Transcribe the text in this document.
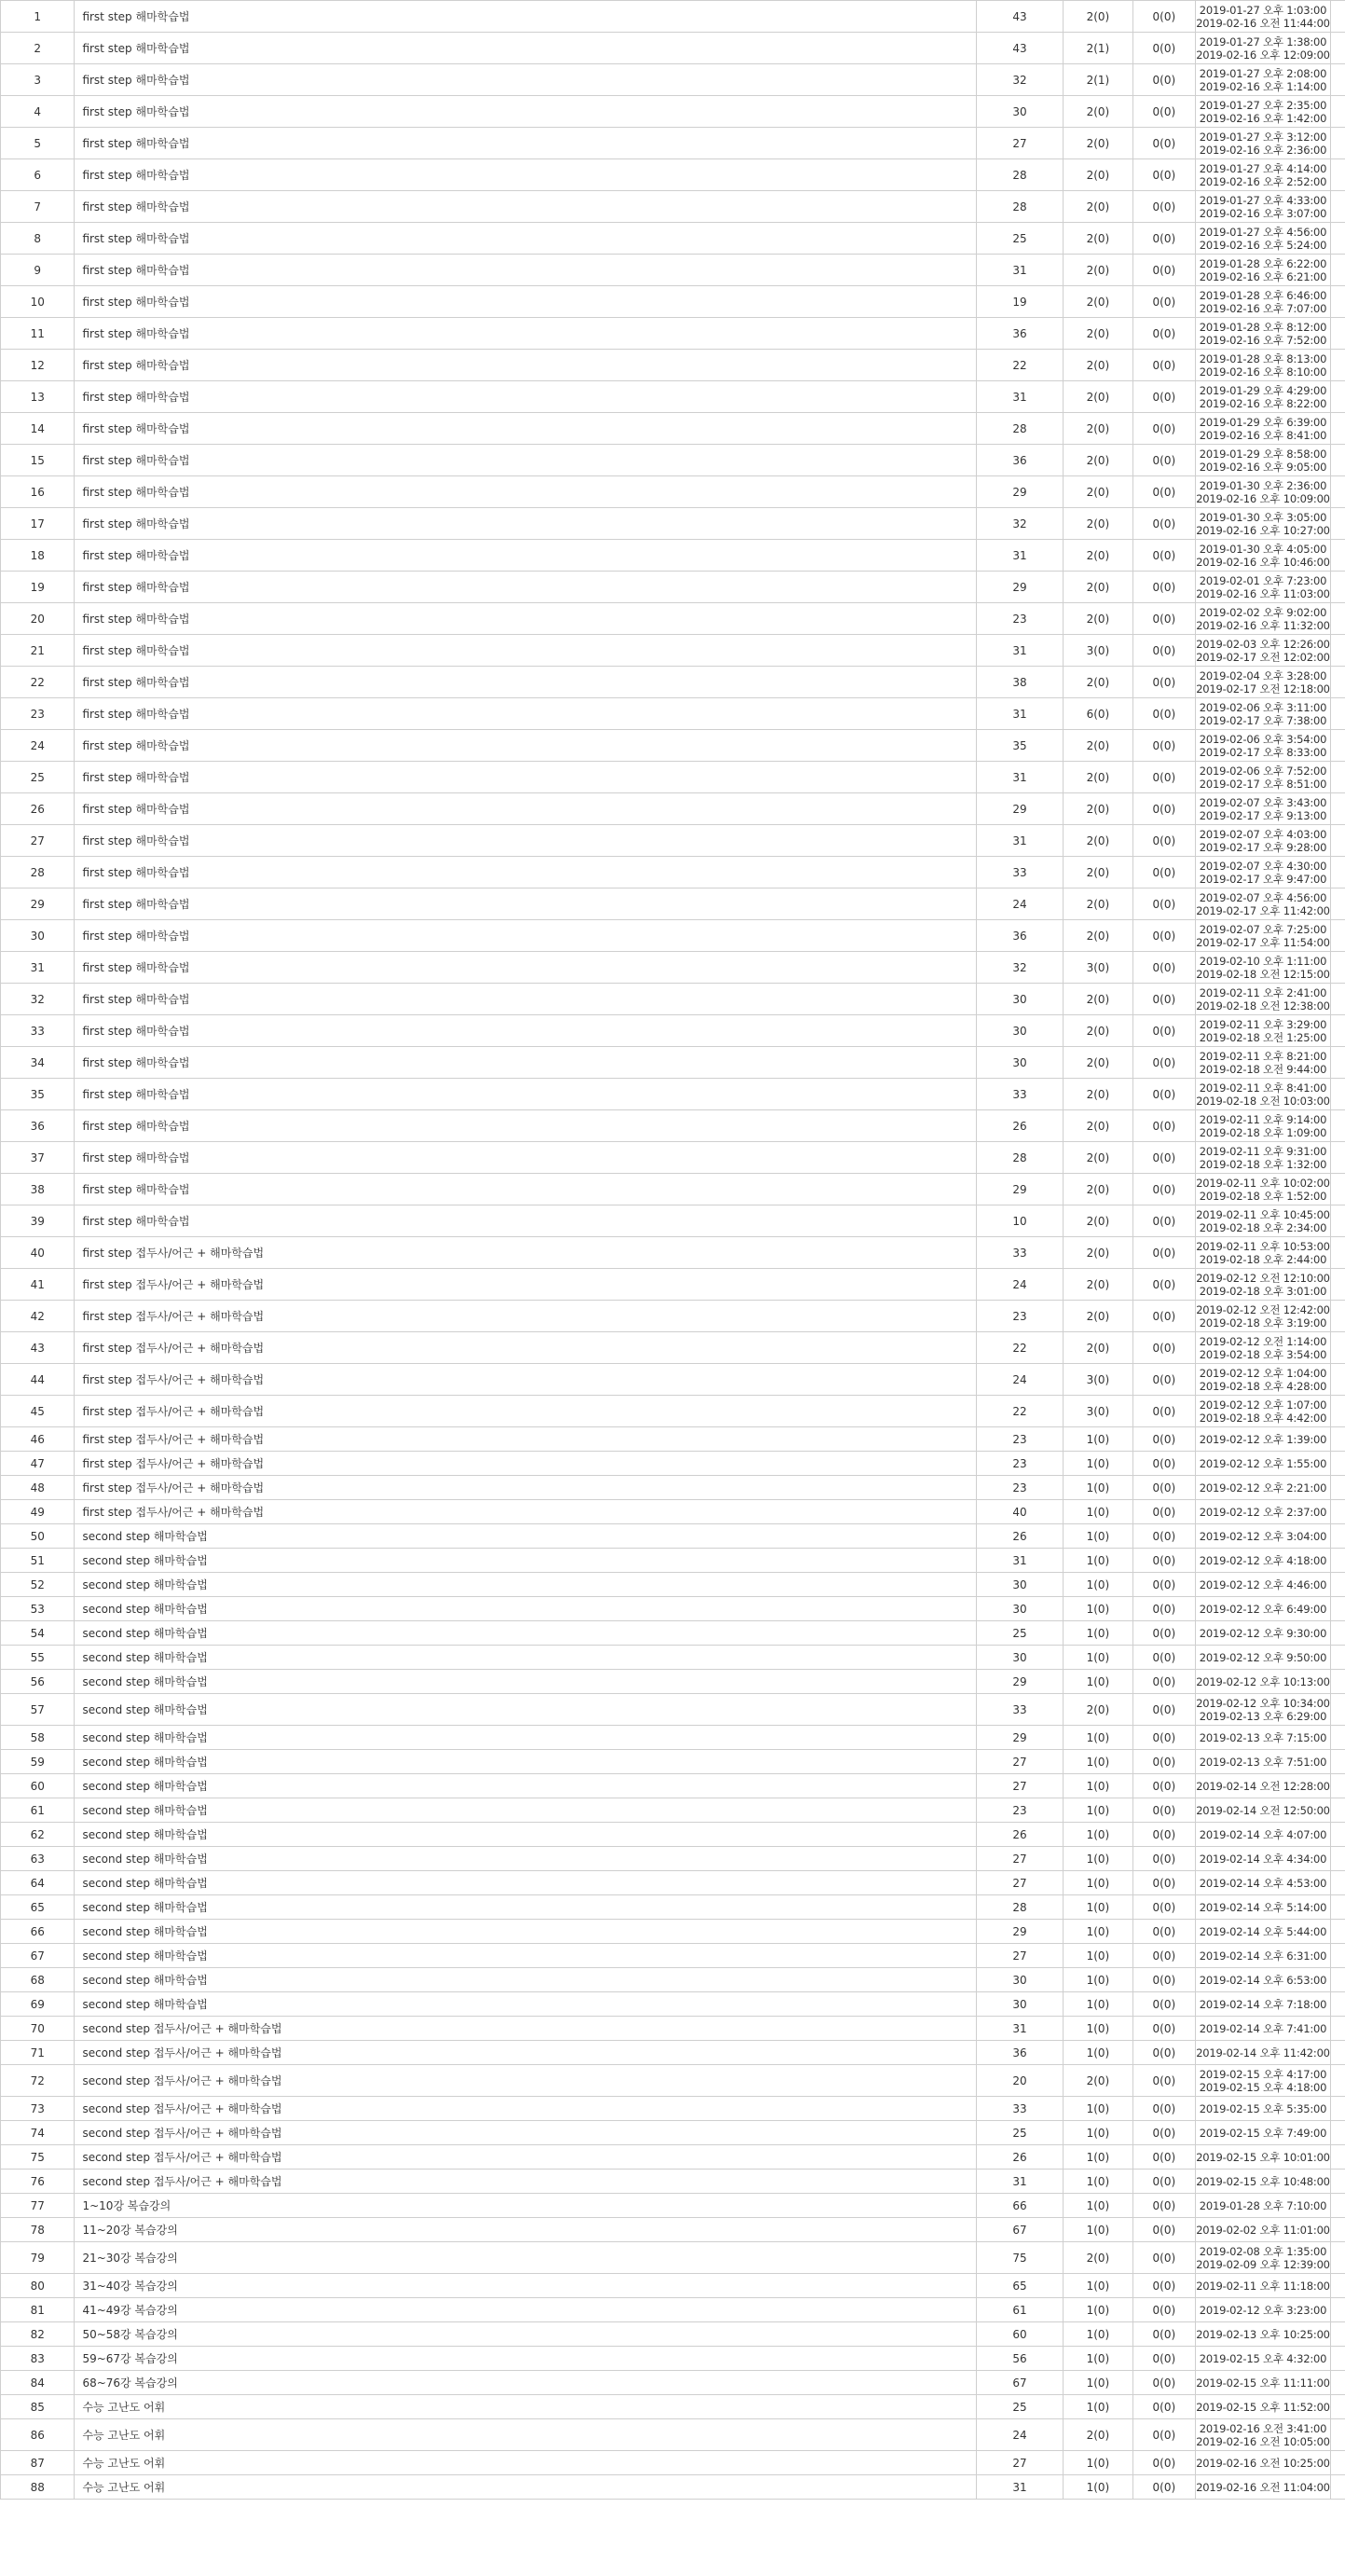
1	first step 해마학습법	43	2(0)	0(0)	2019-01-27 오후 1:03:00
2019-02-16 오전 11:44:00	

2	first step 해마학습법	43	2(1)	0(0)	2019-01-27 오후 1:38:00
2019-02-16 오후 12:09:00	

3	first step 해마학습법	32	2(1)	0(0)	2019-01-27 오후 2:08:00
2019-02-16 오후 1:14:00	

4	first step 해마학습법	30	2(0)	0(0)	2019-01-27 오후 2:35:00
2019-02-16 오후 1:42:00	

5	first step 해마학습법	27	2(0)	0(0)	2019-01-27 오후 3:12:00
2019-02-16 오후 2:36:00	

6	first step 해마학습법	28	2(0)	0(0)	2019-01-27 오후 4:14:00
2019-02-16 오후 2:52:00	

7	first step 해마학습법	28	2(0)	0(0)	2019-01-27 오후 4:33:00
2019-02-16 오후 3:07:00	

8	first step 해마학습법	25	2(0)	0(0)	2019-01-27 오후 4:56:00
2019-02-16 오후 5:24:00	

9	first step 해마학습법	31	2(0)	0(0)	2019-01-28 오후 6:22:00
2019-02-16 오후 6:21:00	

10	first step 해마학습법	19	2(0)	0(0)	2019-01-28 오후 6:46:00
2019-02-16 오후 7:07:00	

11	first step 해마학습법	36	2(0)	0(0)	2019-01-28 오후 8:12:00
2019-02-16 오후 7:52:00	

12	first step 해마학습법	22	2(0)	0(0)	2019-01-28 오후 8:13:00
2019-02-16 오후 8:10:00	

13	first step 해마학습법	31	2(0)	0(0)	2019-01-29 오후 4:29:00
2019-02-16 오후 8:22:00	

14	first step 해마학습법	28	2(0)	0(0)	2019-01-29 오후 6:39:00
2019-02-16 오후 8:41:00	

15	first step 해마학습법	36	2(0)	0(0)	2019-01-29 오후 8:58:00
2019-02-16 오후 9:05:00	

16	first step 해마학습법	29	2(0)	0(0)	2019-01-30 오후 2:36:00
2019-02-16 오후 10:09:00	

17	first step 해마학습법	32	2(0)	0(0)	2019-01-30 오후 3:05:00
2019-02-16 오후 10:27:00	

18	first step 해마학습법	31	2(0)	0(0)	2019-01-30 오후 4:05:00
2019-02-16 오후 10:46:00	

19	first step 해마학습법	29	2(0)	0(0)	2019-02-01 오후 7:23:00
2019-02-16 오후 11:03:00	

20	first step 해마학습법	23	2(0)	0(0)	2019-02-02 오후 9:02:00
2019-02-16 오후 11:32:00	

21	first step 해마학습법	31	3(0)	0(0)	2019-02-03 오후 12:26:00
2019-02-17 오전 12:02:00	

22	first step 해마학습법	38	2(0)	0(0)	2019-02-04 오후 3:28:00
2019-02-17 오전 12:18:00	

23	first step 해마학습법	31	6(0)	0(0)	2019-02-06 오후 3:11:00
2019-02-17 오후 7:38:00	

24	first step 해마학습법	35	2(0)	0(0)	2019-02-06 오후 3:54:00
2019-02-17 오후 8:33:00	

25	first step 해마학습법	31	2(0)	0(0)	2019-02-06 오후 7:52:00
2019-02-17 오후 8:51:00	

26	first step 해마학습법	29	2(0)	0(0)	2019-02-07 오후 3:43:00
2019-02-17 오후 9:13:00	

27	first step 해마학습법	31	2(0)	0(0)	2019-02-07 오후 4:03:00
2019-02-17 오후 9:28:00	

28	first step 해마학습법	33	2(0)	0(0)	2019-02-07 오후 4:30:00
2019-02-17 오후 9:47:00	

29	first step 해마학습법	24	2(0)	0(0)	2019-02-07 오후 4:56:00
2019-02-17 오후 11:42:00	

30	first step 해마학습법	36	2(0)	0(0)	2019-02-07 오후 7:25:00
2019-02-17 오후 11:54:00	

31	first step 해마학습법	32	3(0)	0(0)	2019-02-10 오후 1:11:00
2019-02-18 오전 12:15:00	

32	first step 해마학습법	30	2(0)	0(0)	2019-02-11 오후 2:41:00
2019-02-18 오전 12:38:00	

33	first step 해마학습법	30	2(0)	0(0)	2019-02-11 오후 3:29:00
2019-02-18 오전 1:25:00	

34	first step 해마학습법	30	2(0)	0(0)	2019-02-11 오후 8:21:00
2019-02-18 오전 9:44:00	

35	first step 해마학습법	33	2(0)	0(0)	2019-02-11 오후 8:41:00
2019-02-18 오전 10:03:00	

36	first step 해마학습법	26	2(0)	0(0)	2019-02-11 오후 9:14:00
2019-02-18 오후 1:09:00	

37	first step 해마학습법	28	2(0)	0(0)	2019-02-11 오후 9:31:00
2019-02-18 오후 1:32:00	

38	first step 해마학습법	29	2(0)	0(0)	2019-02-11 오후 10:02:00
2019-02-18 오후 1:52:00	

39	first step 해마학습법	10	2(0)	0(0)	2019-02-11 오후 10:45:00
2019-02-18 오후 2:34:00	

40	first step 접두사/어근 + 해마학습법	33	2(0)	0(0)	2019-02-11 오후 10:53:00
2019-02-18 오후 2:44:00	

41	first step 접두사/어근 + 해마학습법	24	2(0)	0(0)	2019-02-12 오전 12:10:00
2019-02-18 오후 3:01:00	

42	first step 접두사/어근 + 해마학습법	23	2(0)	0(0)	2019-02-12 오전 12:42:00
2019-02-18 오후 3:19:00	

43	first step 접두사/어근 + 해마학습법	22	2(0)	0(0)	2019-02-12 오전 1:14:00
2019-02-18 오후 3:54:00	

44	first step 접두사/어근 + 해마학습법	24	3(0)	0(0)	2019-02-12 오후 1:04:00
2019-02-18 오후 4:28:00	

45	first step 접두사/어근 + 해마학습법	22	3(0)	0(0)	2019-02-12 오후 1:07:00
2019-02-18 오후 4:42:00	

46	first step 접두사/어근 + 해마학습법	23	1(0)	0(0)	2019-02-12 오후 1:39:00	

47	first step 접두사/어근 + 해마학습법	23	1(0)	0(0)	2019-02-12 오후 1:55:00	

48	first step 접두사/어근 + 해마학습법	23	1(0)	0(0)	2019-02-12 오후 2:21:00	

49	first step 접두사/어근 + 해마학습법	40	1(0)	0(0)	2019-02-12 오후 2:37:00	

50	second step 해마학습법	26	1(0)	0(0)	2019-02-12 오후 3:04:00	

51	second step 해마학습법	31	1(0)	0(0)	2019-02-12 오후 4:18:00	

52	second step 해마학습법	30	1(0)	0(0)	2019-02-12 오후 4:46:00	

53	second step 해마학습법	30	1(0)	0(0)	2019-02-12 오후 6:49:00	

54	second step 해마학습법	25	1(0)	0(0)	2019-02-12 오후 9:30:00	

55	second step 해마학습법	30	1(0)	0(0)	2019-02-12 오후 9:50:00	

56	second step 해마학습법	29	1(0)	0(0)	2019-02-12 오후 10:13:00	

57	second step 해마학습법	33	2(0)	0(0)	2019-02-12 오후 10:34:00
2019-02-13 오후 6:29:00	

58	second step 해마학습법	29	1(0)	0(0)	2019-02-13 오후 7:15:00	

59	second step 해마학습법	27	1(0)	0(0)	2019-02-13 오후 7:51:00	

60	second step 해마학습법	27	1(0)	0(0)	2019-02-14 오전 12:28:00	

61	second step 해마학습법	23	1(0)	0(0)	2019-02-14 오전 12:50:00	

62	second step 해마학습법	26	1(0)	0(0)	2019-02-14 오후 4:07:00	

63	second step 해마학습법	27	1(0)	0(0)	2019-02-14 오후 4:34:00	

64	second step 해마학습법	27	1(0)	0(0)	2019-02-14 오후 4:53:00	

65	second step 해마학습법	28	1(0)	0(0)	2019-02-14 오후 5:14:00	

66	second step 해마학습법	29	1(0)	0(0)	2019-02-14 오후 5:44:00	

67	second step 해마학습법	27	1(0)	0(0)	2019-02-14 오후 6:31:00	

68	second step 해마학습법	30	1(0)	0(0)	2019-02-14 오후 6:53:00	

69	second step 해마학습법	30	1(0)	0(0)	2019-02-14 오후 7:18:00	

70	second step 접두사/어근 + 해마학습법	31	1(0)	0(0)	2019-02-14 오후 7:41:00	

71	second step 접두사/어근 + 해마학습법	36	1(0)	0(0)	2019-02-14 오후 11:42:00	

72	second step 접두사/어근 + 해마학습법	20	2(0)	0(0)	2019-02-15 오후 4:17:00
2019-02-15 오후 4:18:00	

73	second step 접두사/어근 + 해마학습법	33	1(0)	0(0)	2019-02-15 오후 5:35:00	

74	second step 접두사/어근 + 해마학습법	25	1(0)	0(0)	2019-02-15 오후 7:49:00	

75	second step 접두사/어근 + 해마학습법	26	1(0)	0(0)	2019-02-15 오후 10:01:00	

76	second step 접두사/어근 + 해마학습법	31	1(0)	0(0)	2019-02-15 오후 10:48:00	

77	1~10강 복습강의	66	1(0)	0(0)	2019-01-28 오후 7:10:00	

78	11~20강 복습강의	67	1(0)	0(0)	2019-02-02 오후 11:01:00	

79	21~30강 복습강의	75	2(0)	0(0)	2019-02-08 오후 1:35:00
2019-02-09 오후 12:39:00	

80	31~40강 복습강의	65	1(0)	0(0)	2019-02-11 오후 11:18:00	

81	41~49강 복습강의	61	1(0)	0(0)	2019-02-12 오후 3:23:00	

82	50~58강 복습강의	60	1(0)	0(0)	2019-02-13 오후 10:25:00	

83	59~67강 복습강의	56	1(0)	0(0)	2019-02-15 오후 4:32:00	

84	68~76강 복습강의	67	1(0)	0(0)	2019-02-15 오후 11:11:00	

85	수능 고난도 어휘	25	1(0)	0(0)	2019-02-15 오후 11:52:00	

86	수능 고난도 어휘	24	2(0)	0(0)	2019-02-16 오전 3:41:00
2019-02-16 오전 10:05:00	

87	수능 고난도 어휘	27	1(0)	0(0)	2019-02-16 오전 10:25:00	

88	수능 고난도 어휘	31	1(0)	0(0)	2019-02-16 오전 11:04:00	
